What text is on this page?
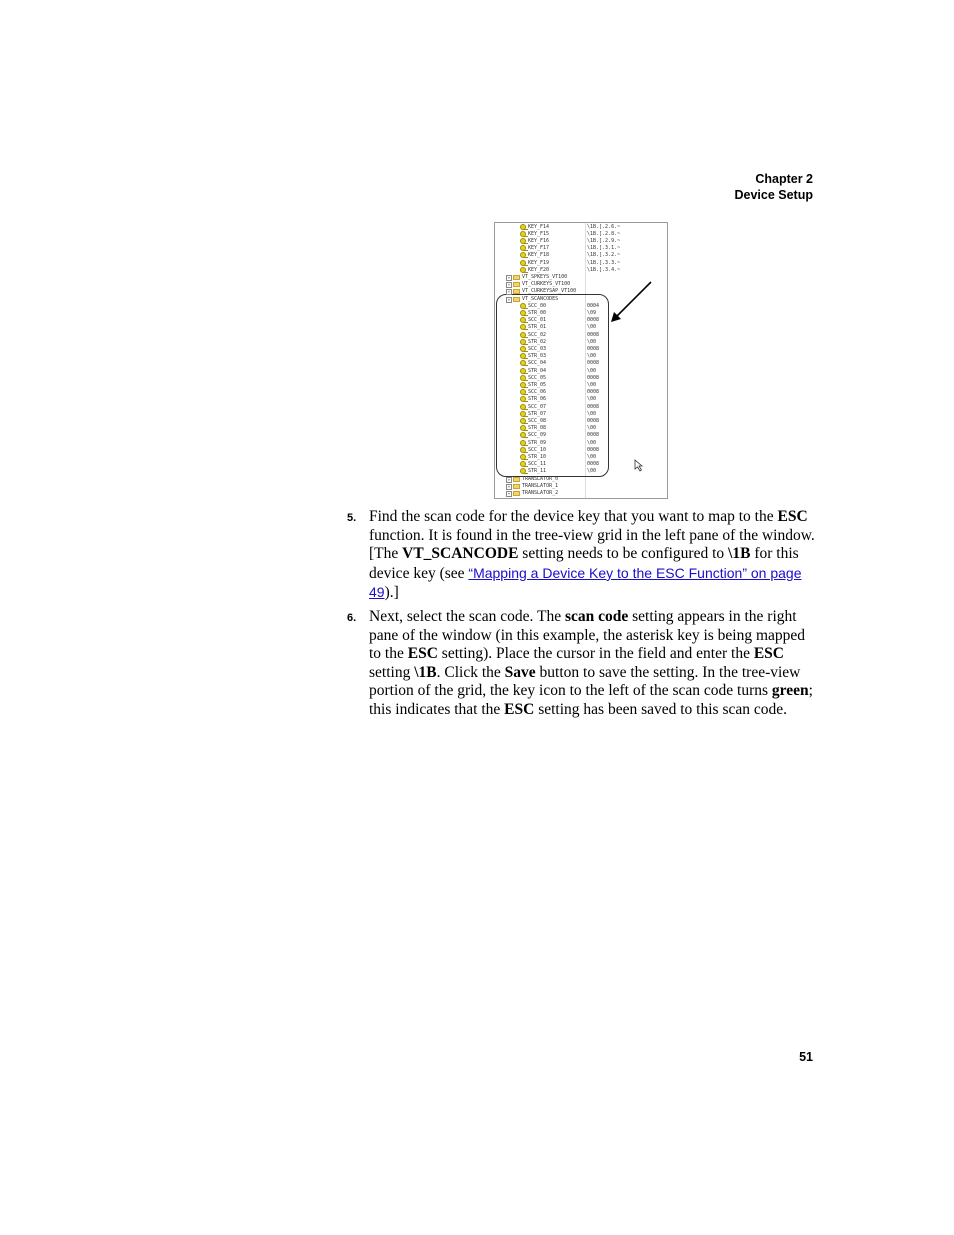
Chapter 2
Device Setup
KEY_F14	\1B.[.2.6.~
KEY_F15	\1B.[.2.8.~
KEY_F16	\1B.[.2.9.~
KEY_F17	\1B.[.3.1.~
KEY_F18	\1B.[.3.2.~
KEY_F19	\1B.[.3.3.~
KEY_F20	\1B.[.3.4.~
+	VT_SPKEYS_VT100
+	VT_CURKEYS_VT100
+	VT_CURKEYSAP_VT100
+	VT_SCANCODES
SCC_00	0004
STR_00	\09
SCC_01	0008
STR_01	\00
SCC_02	0008
STR_02	\00
SCC_03	0008
STR_03	\00
SCC_04	0008
STR_04	\00
SCC_05	0008
STR_05	\00
SCC_06	0008
STR_06	\00
SCC_07	0008
STR_07	\00
SCC_08	0008
STR_08	\00
SCC_09	0008
STR_09	\00
SCC_10	0008
STR_10	\00
SCC_11	0008
STR_11	\00
+	TRANSLATOR_0
+	TRANSLATOR_1
+	TRANSLATOR_2
5. Find the scan code for the device key that you want to map to the ESC function. It is found in the tree-view grid in the left pane of the window. [The VT_SCANCODE setting needs to be configured to \1B for this device key (see “Mapping a Device Key to the ESC Function” on page 49).]
6. Next, select the scan code. The scan code setting appears in the right pane of the window (in this example, the asterisk key is being mapped to the ESC setting). Place the cursor in the field and enter the ESC setting \1B. Click the Save button to save the setting. In the tree-view portion of the grid, the key icon to the left of the scan code turns green; this indicates that the ESC setting has been saved to this scan code.
51
